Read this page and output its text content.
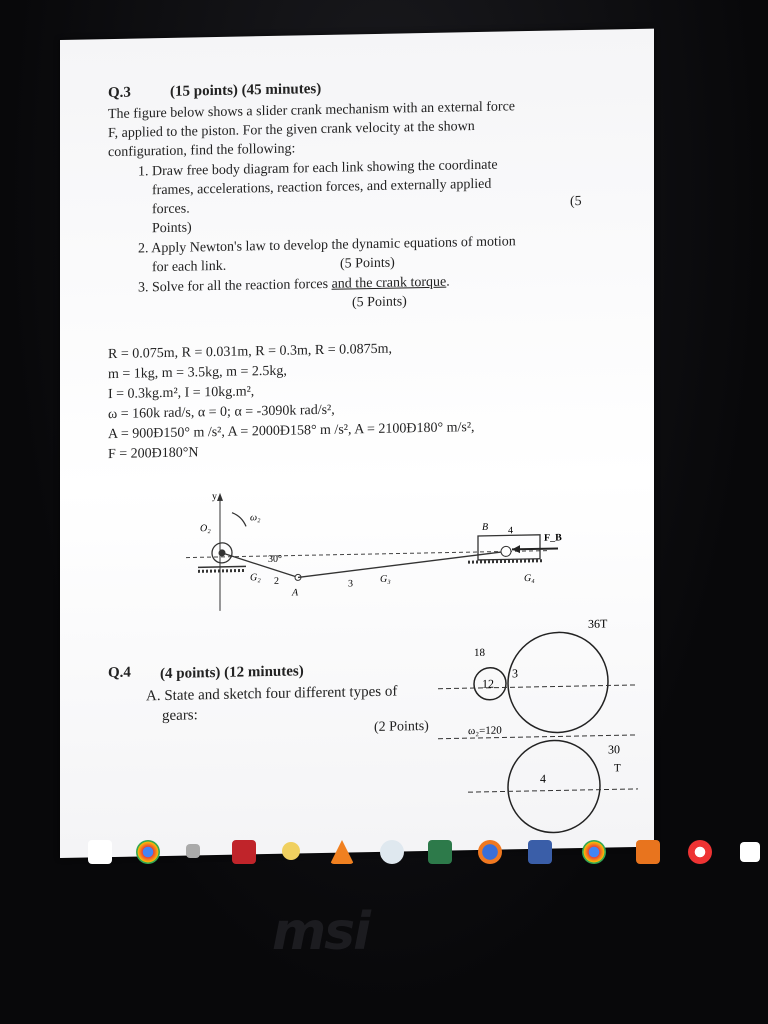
Q.3	(15 points) (45 minutes)
The figure below shows a slider crank mechanism with an external force
F, applied to the piston. For the given crank velocity at the shown
configuration, find the following:
1. Draw free body diagram for each link showing the coordinate
frames, accelerations, reaction forces, and externally applied
forces.	(5
Points)
2. Apply Newton's law to develop the dynamic equations of motion
for each link.	(5 Points)
3. Solve for all the reaction forces and the crank torque.
(5 Points)
R = 0.075m, R = 0.031m, R = 0.3m, R = 0.0875m,
m = 1kg, m = 3.5kg, m = 2.5kg,
I = 0.3kg.m², I = 10kg.m²,
ω = 160k rad/s, α = 0; α = -3090k rad/s²,
A = 900Ð150° m /s², A = 2000Ð158° m /s², A = 2100Ð180° m/s²,
F = 200Ð180°N
y
ω₂
O₂
30°
G₂ 2
A
3	G₃
B 4
F_B
G₄
36T
18
12
3
ω₂=120
30
T
4
Q.4 (4 points) (12 minutes)
A. State and sketch four different types of
gears:
(2 Points)
msi
